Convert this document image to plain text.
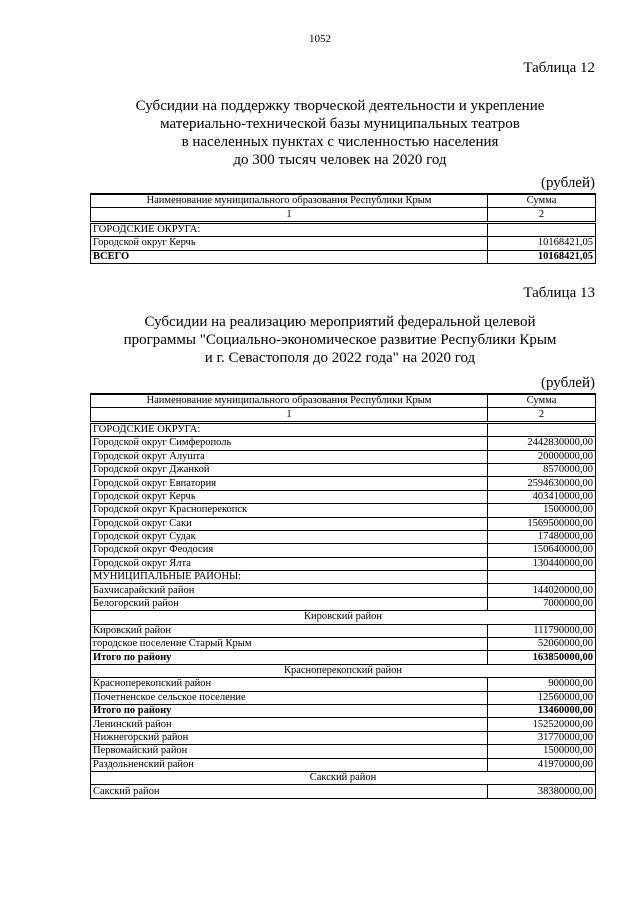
1052
Таблица 12
Субсидии на поддержку творческой деятельности и укрепление
материально-технической базы муниципальных театров
в населенных пунктах с численностью населения
до 300 тысяч человек на 2020 год
(рублей)
Наименование муниципального образования Республики Крым	Сумма
1	2
ГОРОДСКИЕ ОКРУГА:	
Городской округ Керчь	10168421,05
ВСЕГО	10168421,05
Таблица 13
Субсидии на реализацию мероприятий федеральной целевой
программы "Социально-экономическое развитие Республики Крым
и г. Севастополя до 2022 года" на 2020 год
(рублей)
Наименование муниципального образования Республики Крым	Сумма
1	2
ГОРОДСКИЕ ОКРУГА:	
Городской округ Симферополь	2442830000,00
Городской округ Алушта	20000000,00
Городской округ Джанкой	8570000,00
Городской округ Евпатория	2594630000,00
Городской округ Керчь	403410000,00
Городской округ Красноперекопск	1500000,00
Городской округ Саки	1569500000,00
Городской округ Судак	17480000,00
Городской округ Феодосия	150640000,00
Городской округ Ялта	130440000,00
МУНИЦИПАЛЬНЫЕ РАЙОНЫ:	
Бахчисарайский район	144020000,00
Белогорский район	7000000,00
Кировский район	
Кировский район	111790000,00
городское поселение Старый Крым	52060000,00
Итого по району	163850000,00
Красноперекопский район	
Красноперекопский район	900000,00
Почетненское сельское поселение	12560000,00
Итого по району	13460000,00
Ленинский район	152520000,00
Нижнегорский район	31770000,00
Первомайский район	1500000,00
Раздольненский район	41970000,00
Сакский район	
Сакский район	38380000,00
